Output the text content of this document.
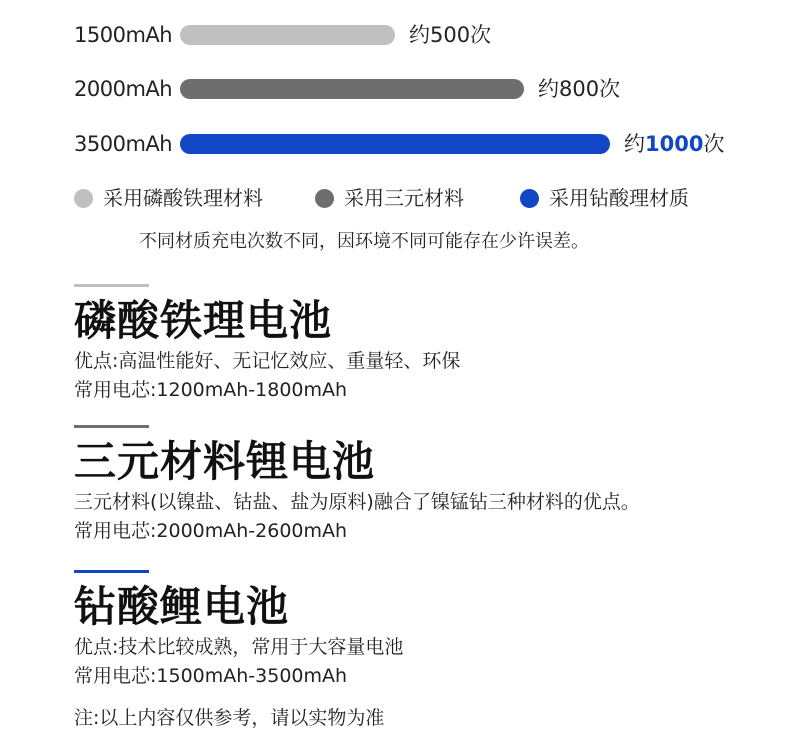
1500mAh	约500次
2000mAh	约800次
3500mAh	约1000次
采用磷酸铁理材料	采用三元材料	采用钻酸理材质
不同材质充电次数不同，因环境不同可能存在少许误差。
磷酸铁理电池
优点:高温性能好、无记忆效应、重量轻、环保
常用电芯:1200mAh-1800mAh
三元材料锂电池
三元材料(以镍盐、钴盐、盐为原料)融合了镍锰钻三种材料的优点。
常用电芯:2000mAh-2600mAh
钻酸鲤电池
优点:技术比较成熟，常用于大容量电池
常用电芯:1500mAh-3500mAh
注:以上内容仅供参考，请以实物为准
